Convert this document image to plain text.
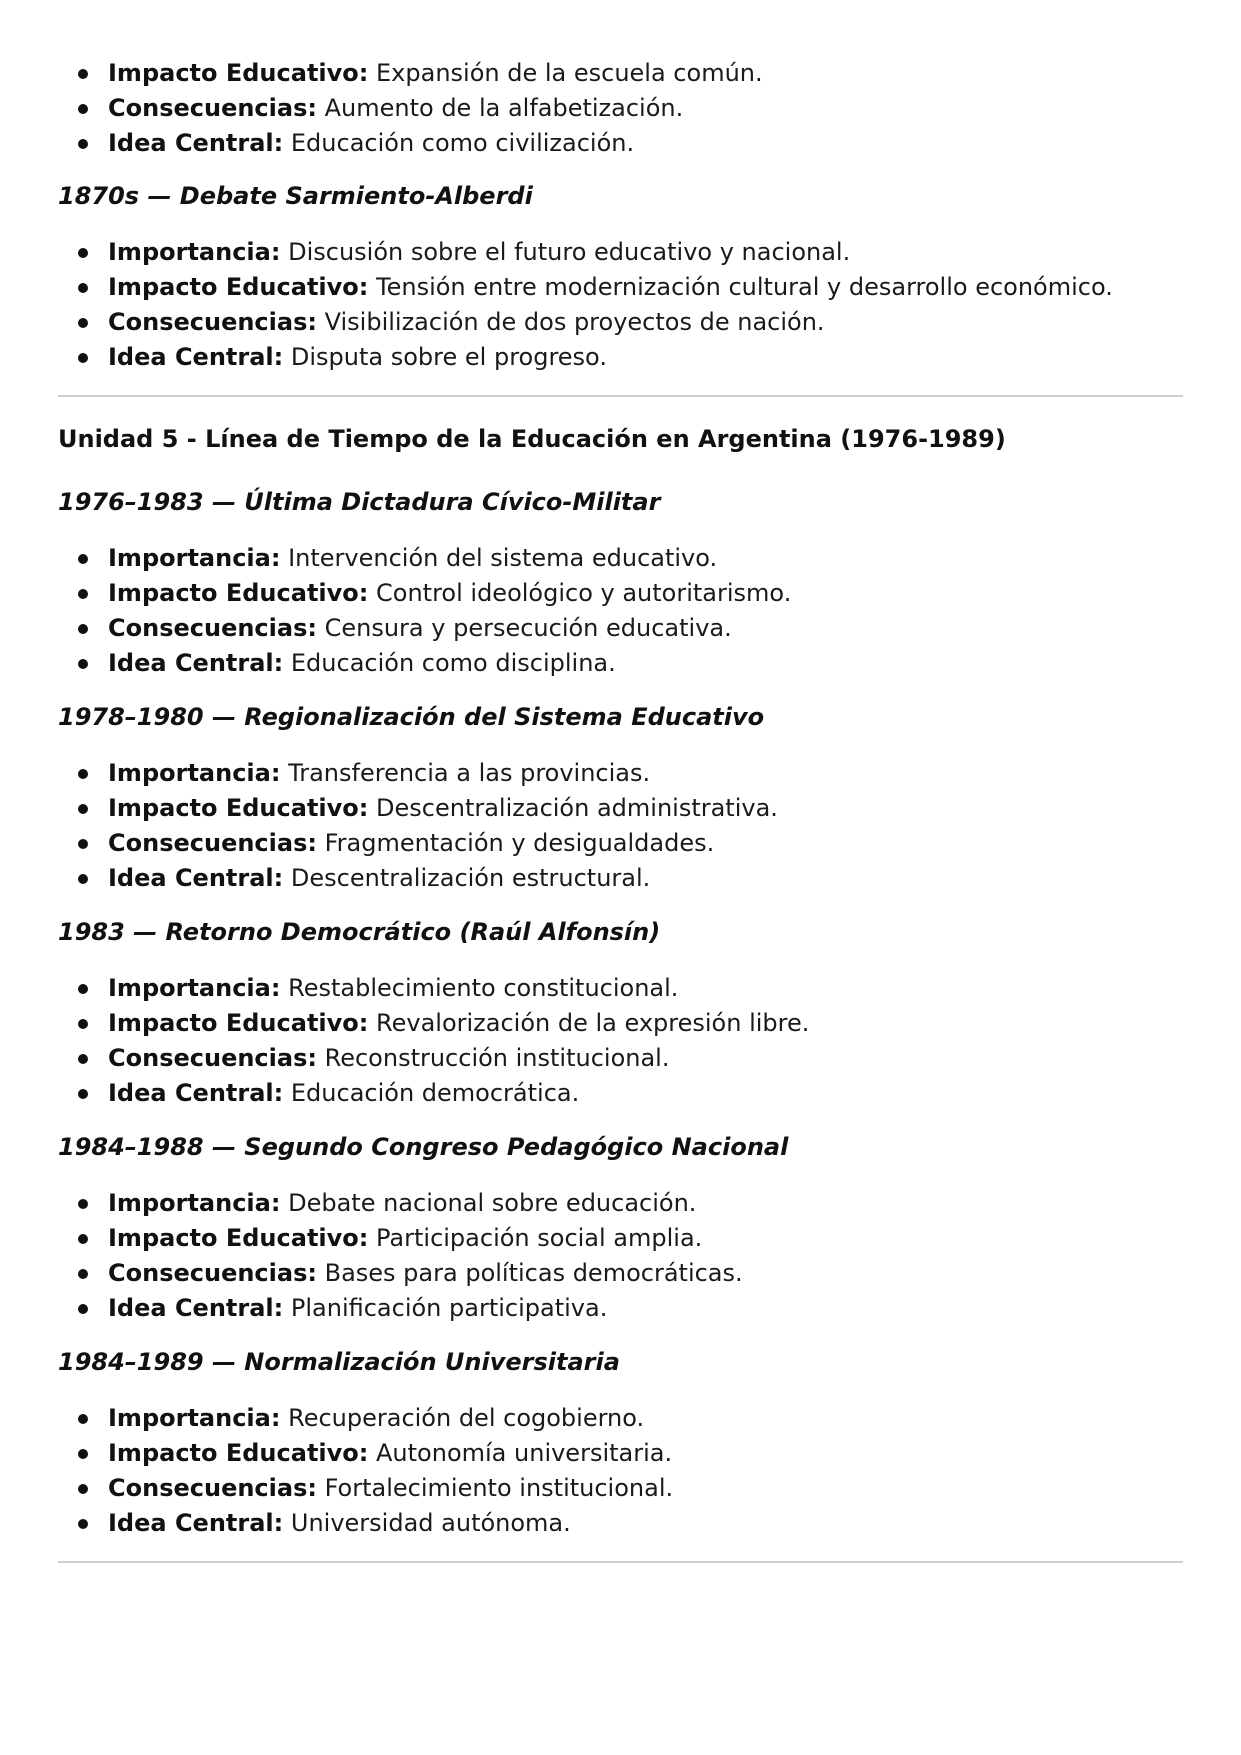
Impacto Educativo: Expansión de la escuela común.
Consecuencias: Aumento de la alfabetización.
Idea Central: Educación como civilización.
1870s — Debate Sarmiento-Alberdi
Importancia: Discusión sobre el futuro educativo y nacional.
Impacto Educativo: Tensión entre modernización cultural y desarrollo económico.
Consecuencias: Visibilización de dos proyectos de nación.
Idea Central: Disputa sobre el progreso.
Unidad 5 - Línea de Tiempo de la Educación en Argentina (1976-1989)
1976–1983 — Última Dictadura Cívico-Militar
Importancia: Intervención del sistema educativo.
Impacto Educativo: Control ideológico y autoritarismo.
Consecuencias: Censura y persecución educativa.
Idea Central: Educación como disciplina.
1978–1980 — Regionalización del Sistema Educativo
Importancia: Transferencia a las provincias.
Impacto Educativo: Descentralización administrativa.
Consecuencias: Fragmentación y desigualdades.
Idea Central: Descentralización estructural.
1983 — Retorno Democrático (Raúl Alfonsín)
Importancia: Restablecimiento constitucional.
Impacto Educativo: Revalorización de la expresión libre.
Consecuencias: Reconstrucción institucional.
Idea Central: Educación democrática.
1984–1988 — Segundo Congreso Pedagógico Nacional
Importancia: Debate nacional sobre educación.
Impacto Educativo: Participación social amplia.
Consecuencias: Bases para políticas democráticas.
Idea Central: Planificación participativa.
1984–1989 — Normalización Universitaria
Importancia: Recuperación del cogobierno.
Impacto Educativo: Autonomía universitaria.
Consecuencias: Fortalecimiento institucional.
Idea Central: Universidad autónoma.
